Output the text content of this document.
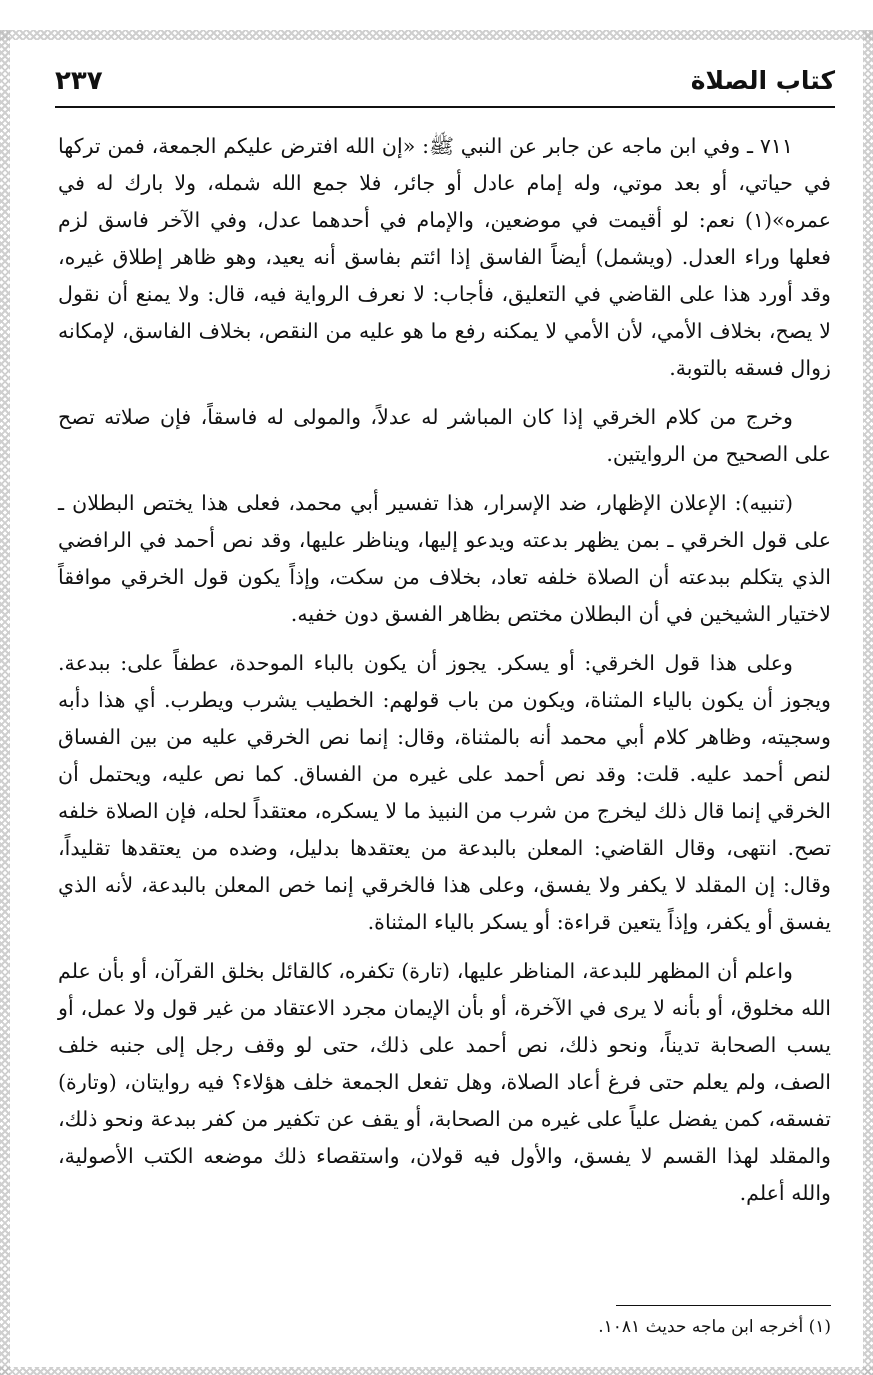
كتاب الصلاة
٢٣٧

٧١١ ـ وفي ابن ماجه عن جابر عن النبي ﷺ: «إن الله افترض عليكم الجمعة، فمن تركها في حياتي، أو بعد موتي، وله إمام عادل أو جائر، فلا جمع الله شمله، ولا بارك له في عمره»(١) نعم: لو أقيمت في موضعين، والإمام في أحدهما عدل، وفي الآخر فاسق لزم فعلها وراء العدل. (ويشمل) أيضاً الفاسق إذا ائتم بفاسق أنه يعيد، وهو ظاهر إطلاق غيره، وقد أورد هذا على القاضي في التعليق، فأجاب: لا نعرف الرواية فيه، قال: ولا يمنع أن نقول لا يصح، بخلاف الأمي، لأن الأمي لا يمكنه رفع ما هو عليه من النقص، بخلاف الفاسق، لإمكانه زوال فسقه بالتوبة.

وخرج من كلام الخرقي إذا كان المباشر له عدلاً، والمولى له فاسقاً، فإن صلاته تصح على الصحيح من الروايتين.

(تنبيه): الإعلان الإظهار، ضد الإسرار، هذا تفسير أبي محمد، فعلى هذا يختص البطلان ـ على قول الخرقي ـ بمن يظهر بدعته ويدعو إليها، ويناظر عليها، وقد نص أحمد في الرافضي الذي يتكلم ببدعته أن الصلاة خلفه تعاد، بخلاف من سكت، وإذاً يكون قول الخرقي موافقاً لاختيار الشيخين في أن البطلان مختص بظاهر الفسق دون خفيه.

وعلى هذا قول الخرقي: أو يسكر. يجوز أن يكون بالباء الموحدة، عطفاً على: ببدعة. ويجوز أن يكون بالياء المثناة، ويكون من باب قولهم: الخطيب يشرب ويطرب. أي هذا دأبه وسجيته، وظاهر كلام أبي محمد أنه بالمثناة، وقال: إنما نص الخرقي عليه من بين الفساق لنص أحمد عليه. قلت: وقد نص أحمد على غيره من الفساق. كما نص عليه، ويحتمل أن الخرقي إنما قال ذلك ليخرج من شرب من النبيذ ما لا يسكره، معتقداً لحله، فإن الصلاة خلفه تصح. انتهى، وقال القاضي: المعلن بالبدعة من يعتقدها بدليل، وضده من يعتقدها تقليداً، وقال: إن المقلد لا يكفر ولا يفسق، وعلى هذا فالخرقي إنما خص المعلن بالبدعة، لأنه الذي يفسق أو يكفر، وإذاً يتعين قراءة: أو يسكر بالياء المثناة.

واعلم أن المظهر للبدعة، المناظر عليها، (تارة) تكفره، كالقائل بخلق القرآن، أو بأن علم الله مخلوق، أو بأنه لا يرى في الآخرة، أو بأن الإيمان مجرد الاعتقاد من غير قول ولا عمل، أو يسب الصحابة تديناً، ونحو ذلك، نص أحمد على ذلك، حتى لو وقف رجل إلى جنبه خلف الصف، ولم يعلم حتى فرغ أعاد الصلاة، وهل تفعل الجمعة خلف هؤلاء؟ فيه روايتان، (وتارة) تفسقه، كمن يفضل علياً على غيره من الصحابة، أو يقف عن تكفير من كفر ببدعة ونحو ذلك، والمقلد لهذا القسم لا يفسق، والأول فيه قولان، واستقصاء ذلك موضعه الكتب الأصولية، والله أعلم.

(١) أخرجه ابن ماجه حديث ١٠٨١.
